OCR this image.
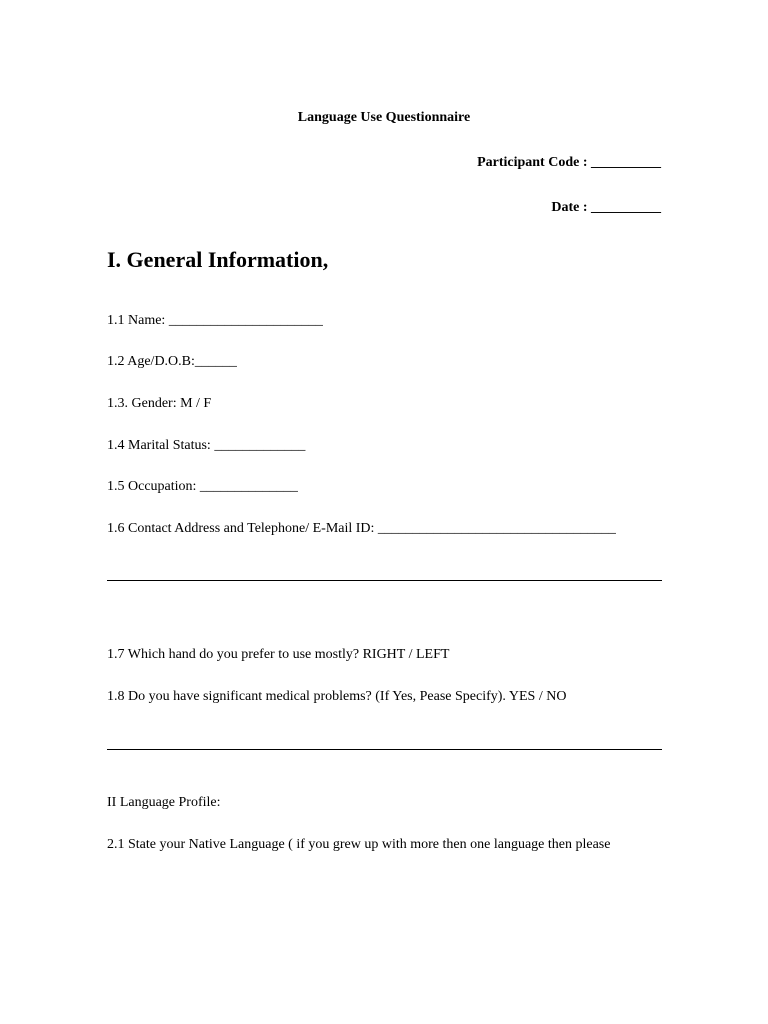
Language Use Questionnaire
Participant Code : __________
Date : __________
I. General Information,
1.1 Name: ______________________
1.2 Age/D.O.B:______
1.3. Gender: M / F
1.4 Marital Status: _____________
1.5 Occupation: ______________
1.6 Contact Address and Telephone/ E-Mail ID: __________________________________
1.7 Which hand do you prefer to use mostly? RIGHT / LEFT
1.8 Do you have significant medical problems? (If Yes, Pease Specify). YES / NO
II Language Profile:
2.1 State your Native Language ( if you grew up with more then one language then please
